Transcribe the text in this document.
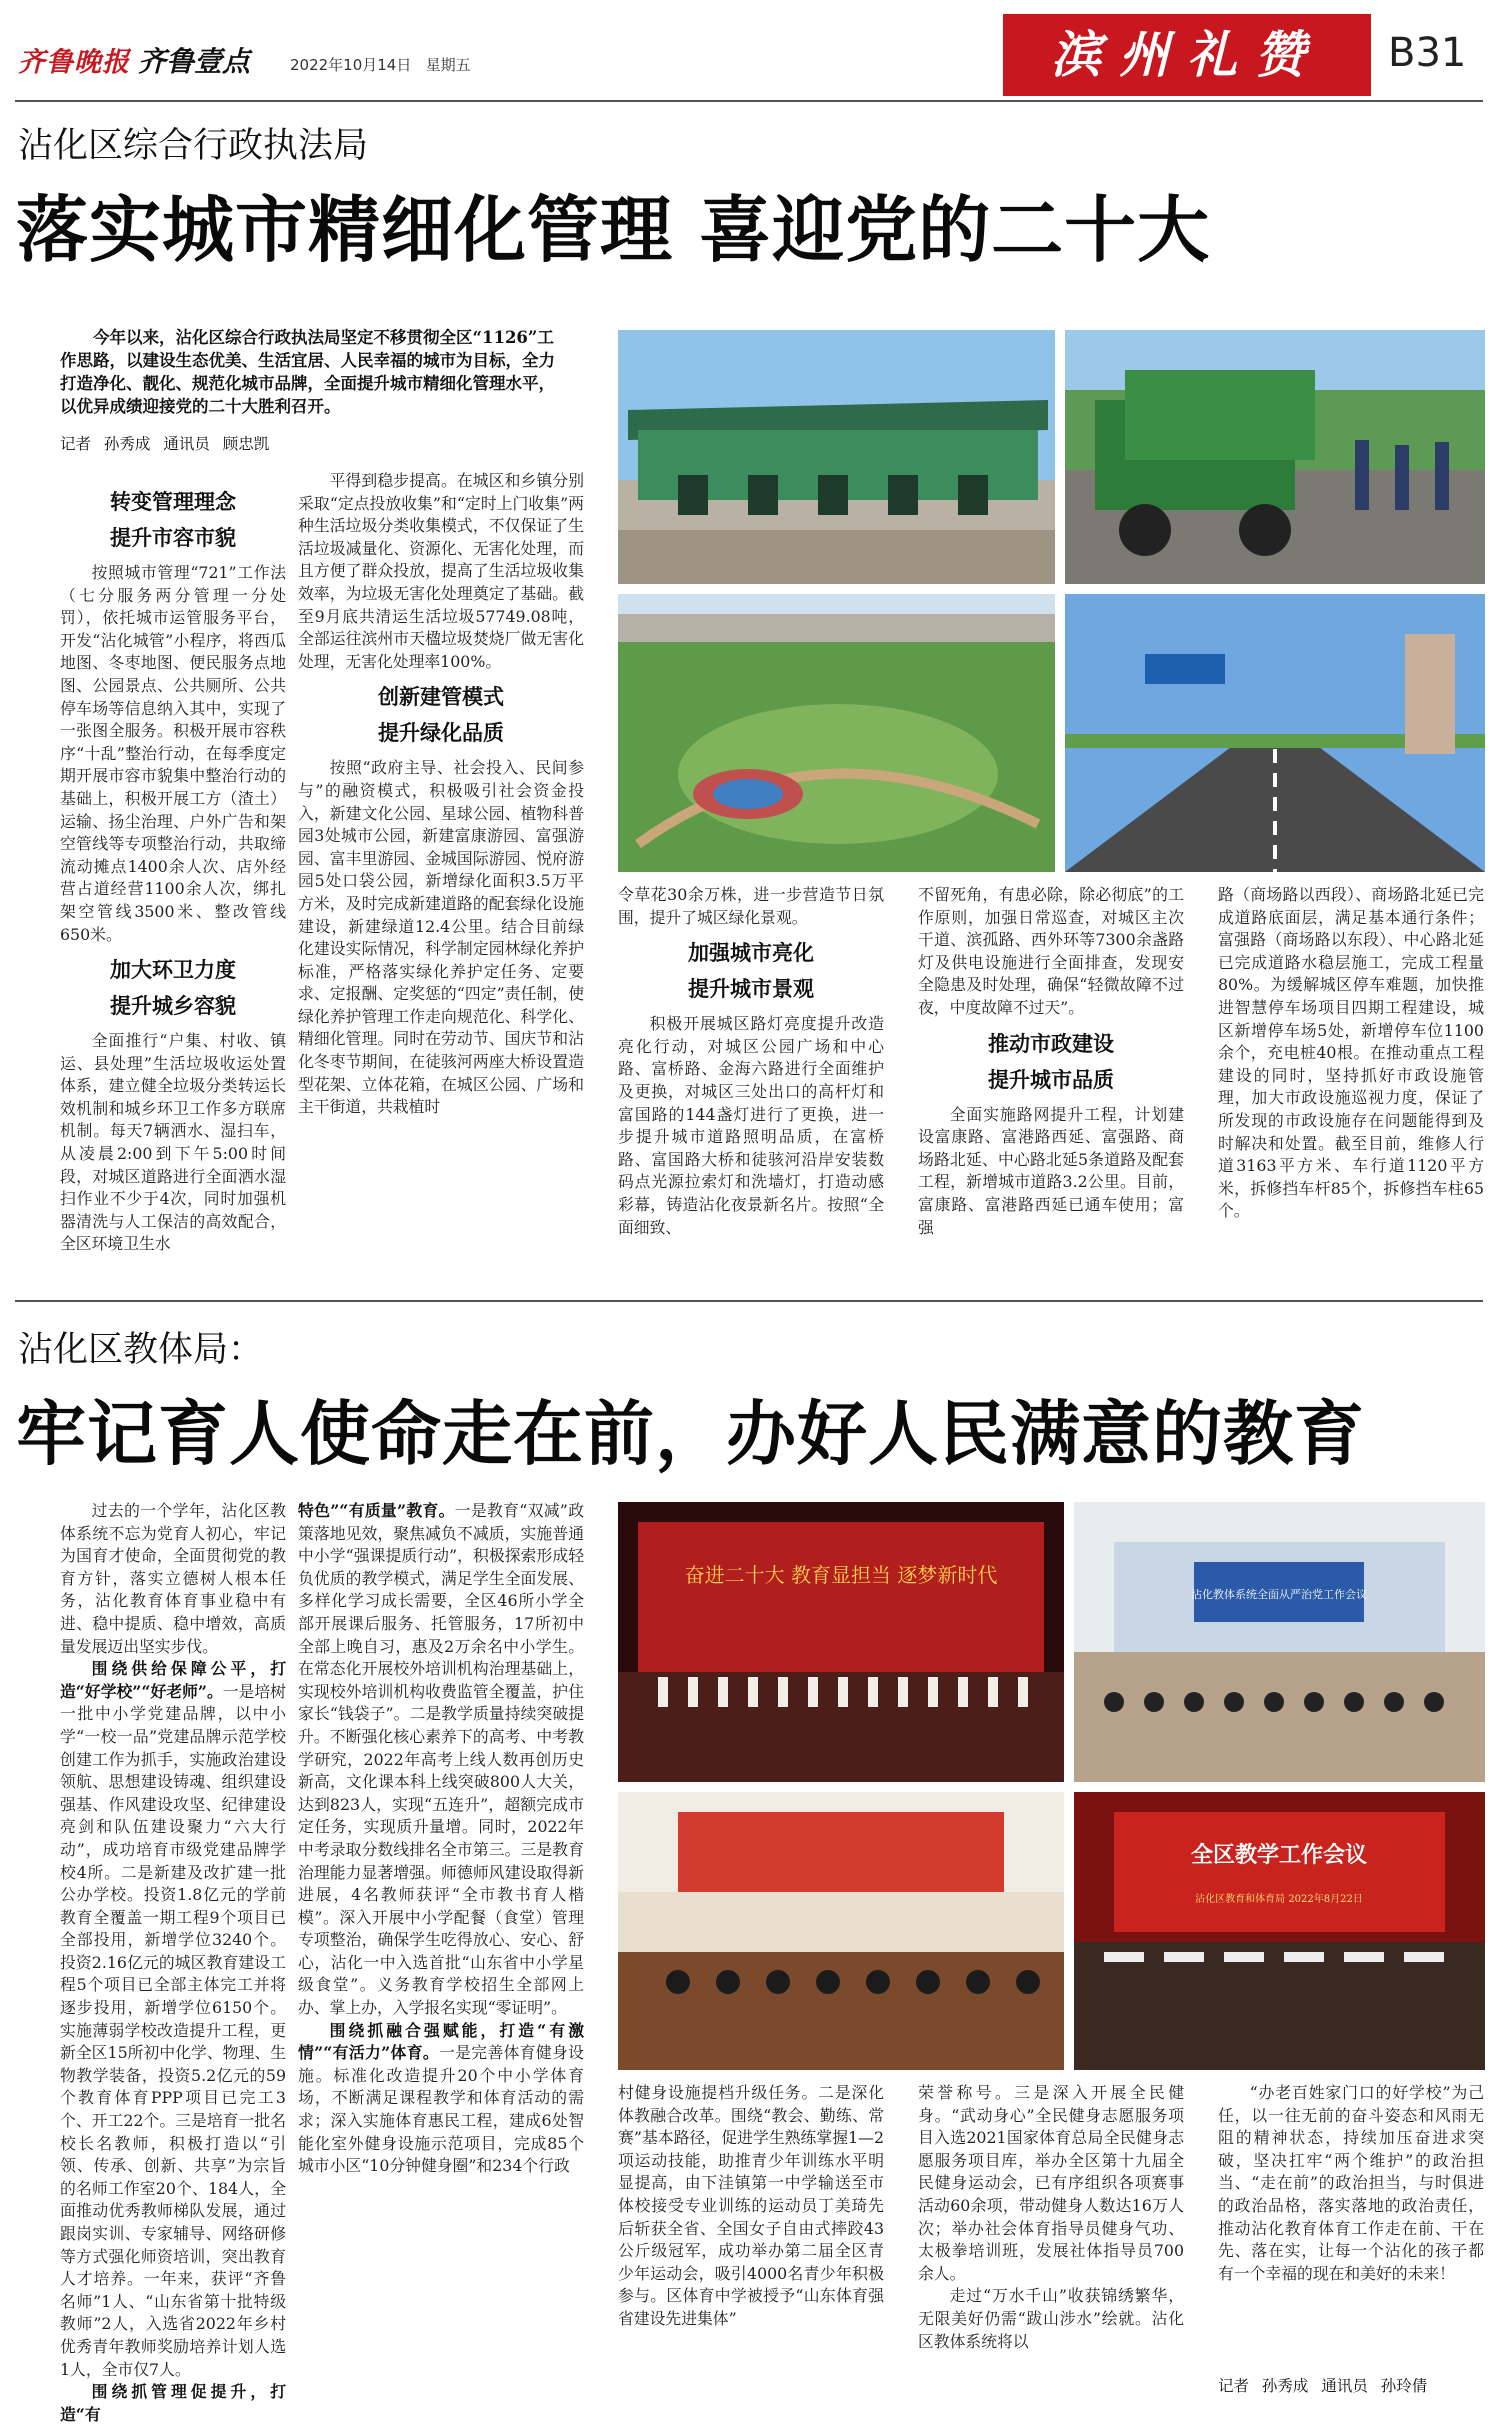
齐鲁晚报 齐鲁壹点	2022年10月14日 星期五	滨州礼赞	B31
沾化区综合行政执法局
落实城市精细化管理 喜迎党的二十大
今年以来，沾化区综合行政执法局坚定不移贯彻全区“1126”工作思路，以建设生态优美、生活宜居、人民幸福的城市为目标，全力打造净化、靓化、规范化城市品牌，全面提升城市精细化管理水平，以优异成绩迎接党的二十大胜利召开。
记者 孙秀成 通讯员 顾忠凯
转变管理理念
提升市容市貌

按照城市管理“721”工作法（七分服务两分管理一分处罚），依托城市运管服务平台，开发“沾化城管”小程序，将西瓜地图、冬枣地图、便民服务点地图、公园景点、公共厕所、公共停车场等信息纳入其中，实现了一张图全服务。积极开展市容秩序“十乱”整治行动，在每季度定期开展市容市貌集中整治行动的基础上，积极开展工方（渣土）运输、扬尘治理、户外广告和架空管线等专项整治行动，共取缔流动摊点1400余人次、店外经营占道经营1100余人次，绑扎架空管线3500米、整改管线650米。

加大环卫力度
提升城乡容貌

全面推行“户集、村收、镇运、县处理”生活垃圾收运处置体系，建立健全垃圾分类转运长效机制和城乡环卫工作多方联席机制。每天7辆洒水、湿扫车，从凌晨2:00到下午5:00时间段，对城区道路进行全面洒水湿扫作业不少于4次，同时加强机器清洗与人工保洁的高效配合，全区环境卫生水

平得到稳步提高。在城区和乡镇分别采取“定点投放收集”和“定时上门收集”两种生活垃圾分类收集模式，不仅保证了生活垃圾减量化、资源化、无害化处理，而且方便了群众投放，提高了生活垃圾收集效率，为垃圾无害化处理奠定了基础。截至9月底共清运生活垃圾57749.08吨，全部运往滨州市天楹垃圾焚烧厂做无害化处理，无害化处理率100%。

创新建管模式
提升绿化品质

按照“政府主导、社会投入、民间参与”的融资模式，积极吸引社会资金投入，新建文化公园、星球公园、植物科普园3处城市公园，新建富康游园、富强游园、富丰里游园、金城国际游园、悦府游园5处口袋公园，新增绿化面积3.5万平方米，及时完成新建道路的配套绿化设施建设，新建绿道12.4公里。结合目前绿化建设实际情况，科学制定园林绿化养护标准，严格落实绿化养护定任务、定要求、定报酬、定奖惩的“四定”责任制，使绿化养护管理工作走向规范化、科学化、精细化管理。同时在劳动节、国庆节和沾化冬枣节期间，在徒骇河两座大桥设置造型花架、立体花箱，在城区公园、广场和主干街道，共栽植时

令草花30余万株，进一步营造节日氛围，提升了城区绿化景观。

加强城市亮化
提升城市景观

积极开展城区路灯亮度提升改造亮化行动，对城区公园广场和中心路、富桥路、金海六路进行全面维护及更换，对城区三处出口的高杆灯和富国路的144盏灯进行了更换，进一步提升城市道路照明品质，在富桥路、富国路大桥和徒骇河沿岸安装数码点光源拉索灯和洗墙灯，打造动感彩幕，铸造沾化夜景新名片。按照“全面细致、

不留死角，有患必除，除必彻底”的工作原则，加强日常巡查，对城区主次干道、滨孤路、西外环等7300余盏路灯及供电设施进行全面排查，发现安全隐患及时处理，确保“轻微故障不过夜，中度故障不过天”。

推动市政建设
提升城市品质

全面实施路网提升工程，计划建设富康路、富港路西延、富强路、商场路北延、中心路北延5条道路及配套工程，新增城市道路3.2公里。目前，富康路、富港路西延已通车使用；富强

路（商场路以西段）、商场路北延已完成道路底面层，满足基本通行条件；富强路（商场路以东段）、中心路北延已完成道路水稳层施工，完成工程量80%。为缓解城区停车难题，加快推进智慧停车场项目四期工程建设，城区新增停车场5处，新增停车位1100余个，充电桩40根。在推动重点工程建设的同时，坚持抓好市政设施管理，加大市政设施巡视力度，保证了所发现的市政设施存在问题能得到及时解决和处置。截至目前，维修人行道3163平方米、车行道1120平方米，拆修挡车杆85个，拆修挡车柱65个。

沾化区教体局：
牢记育人使命走在前，办好人民满意的教育
奋进二十大 教育显担当 逐梦新时代
沾化教体系统全面从严治党工作会议
全区教学工作会议
沾化区教育和体育局 2022年8月22日

过去的一个学年，沾化区教体系统不忘为党育人初心，牢记为国育才使命，全面贯彻党的教育方针，落实立德树人根本任务，沾化教育体育事业稳中有进、稳中提质、稳中增效，高质量发展迈出坚实步伐。

围绕供给保障公平，打造“好学校”“好老师”。一是培树一批中小学党建品牌，以中小学“一校一品”党建品牌示范学校创建工作为抓手，实施政治建设领航、思想建设铸魂、组织建设强基、作风建设攻坚、纪律建设亮剑和队伍建设聚力“六大行动”，成功培育市级党建品牌学校4所。二是新建及改扩建一批公办学校。投资1.8亿元的学前教育全覆盖一期工程9个项目已全部投用，新增学位3240个。投资2.16亿元的城区教育建设工程5个项目已全部主体完工并将逐步投用，新增学位6150个。实施薄弱学校改造提升工程，更新全区15所初中化学、物理、生物教学装备，投资5.2亿元的59个教育体育PPP项目已完工3个、开工22个。三是培育一批名校长名教师，积极打造以“引领、传承、创新、共享”为宗旨的名师工作室20个、184人，全面推动优秀教师梯队发展，通过跟岗实训、专家辅导、网络研修等方式强化师资培训，突出教育人才培养。一年来，获评“齐鲁名师”1人、“山东省第十批特级教师”2人，入选省2022年乡村优秀青年教师奖励培养计划人选1人，全市仅7人。

围绕抓管理促提升，打造“有

特色”“有质量”教育。一是教育“双减”政策落地见效，聚焦减负不减质，实施普通中小学“强课提质行动”，积极探索形成轻负优质的教学模式，满足学生全面发展、多样化学习成长需要，全区46所小学全部开展课后服务、托管服务，17所初中全部上晚自习，惠及2万余名中小学生。在常态化开展校外培训机构治理基础上，实现校外培训机构收费监管全覆盖，护住家长“钱袋子”。二是教学质量持续突破提升。不断强化核心素养下的高考、中考教学研究，2022年高考上线人数再创历史新高，文化课本科上线突破800人大关，达到823人，实现“五连升”，超额完成市定任务，实现质升量增。同时，2022年中考录取分数线排名全市第三。三是教育治理能力显著增强。师德师风建设取得新进展，4名教师获评“全市教书育人楷模”。深入开展中小学配餐（食堂）管理专项整治，确保学生吃得放心、安心、舒心，沾化一中入选首批“山东省中小学星级食堂”。义务教育学校招生全部网上办、掌上办，入学报名实现“零证明”。

围绕抓融合强赋能，打造“有激情”“有活力”体育。一是完善体育健身设施。标准化改造提升20个中小学体育场，不断满足课程教学和体育活动的需求；深入实施体育惠民工程，建成6处智能化室外健身设施示范项目，完成85个城市小区“10分钟健身圈”和234个行政

村健身设施提档升级任务。二是深化体教融合改革。围绕“教会、勤练、常赛”基本路径，促进学生熟练掌握1—2项运动技能，助推青少年训练水平明显提高，由下洼镇第一中学输送至市体校接受专业训练的运动员丁美琦先后斩获全省、全国女子自由式摔跤43公斤级冠军，成功举办第二届全区青少年运动会，吸引4000名青少年积极参与。区体育中学被授予“山东体育强省建设先进集体”

荣誉称号。三是深入开展全民健身。“武动身心”全民健身志愿服务项目入选2021国家体育总局全民健身志愿服务项目库，举办全区第十九届全民健身运动会，已有序组织各项赛事活动60余项，带动健身人数达16万人次；举办社会体育指导员健身气功、太极拳培训班，发展社体指导员700余人。

走过“万水千山”收获锦绣繁华，无限美好仍需“跋山涉水”绘就。沾化区教体系统将以

“办老百姓家门口的好学校”为己任，以一往无前的奋斗姿态和风雨无阻的精神状态，持续加压奋进求突破，坚决扛牢“两个维护”的政治担当、“走在前”的政治担当，与时俱进的政治品格，落实落地的政治责任，推动沾化教育体育工作走在前、干在先、落在实，让每一个沾化的孩子都有一个幸福的现在和美好的未来！

记者 孙秀成 通讯员 孙玲倩
